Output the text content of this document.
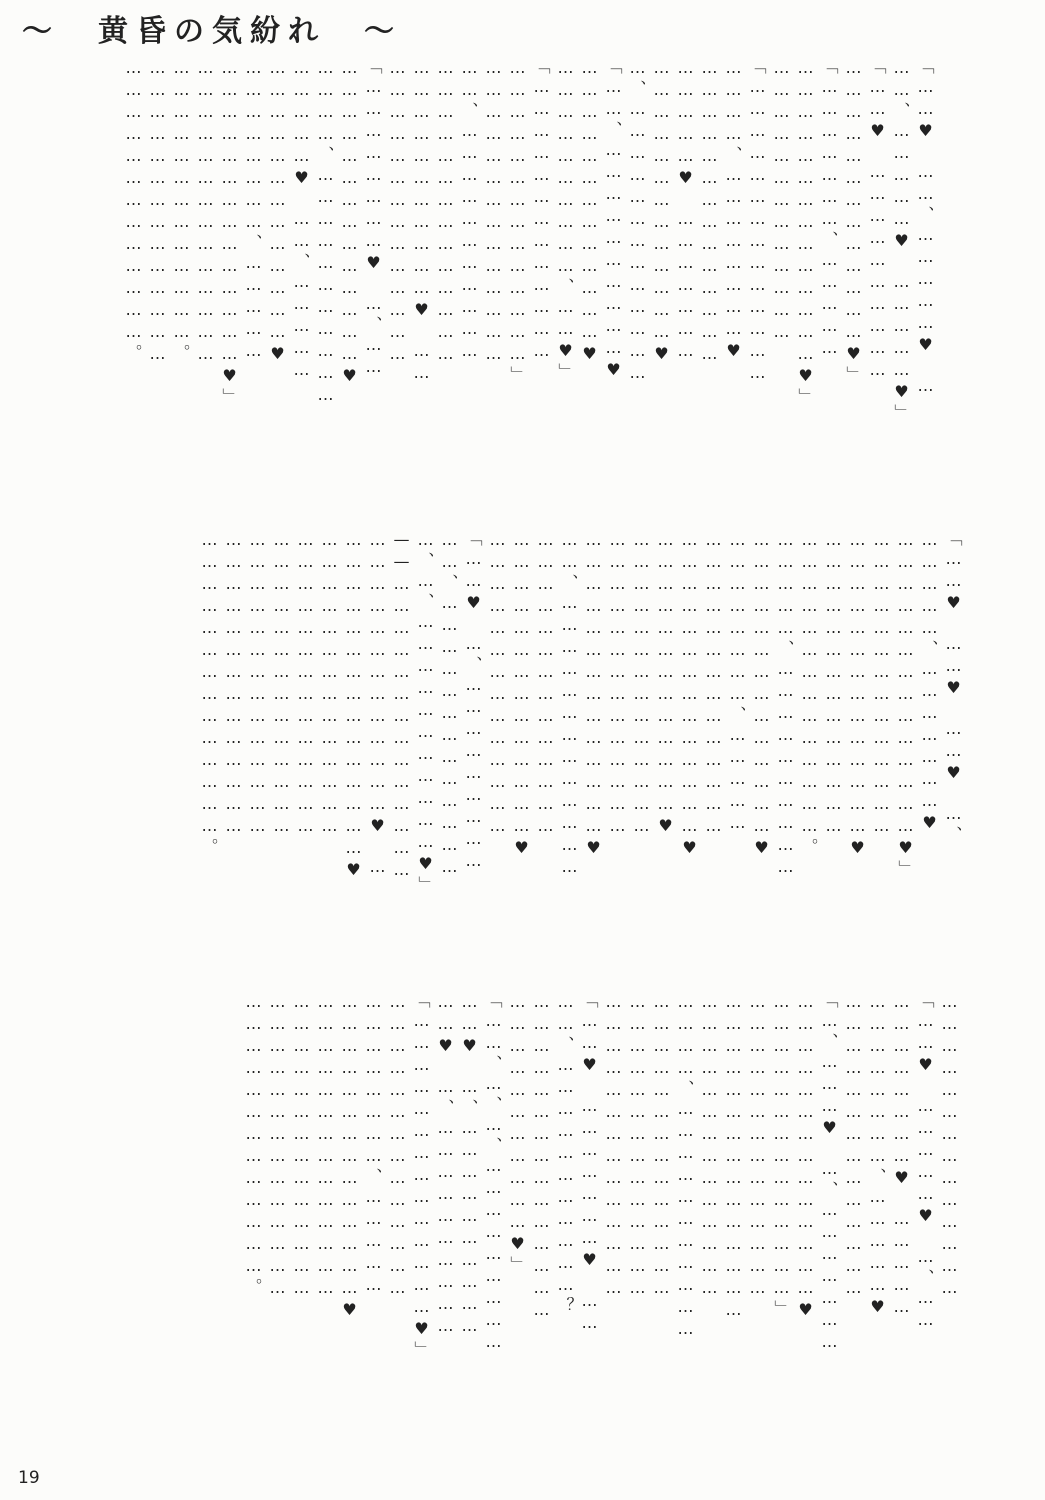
〜　黄昏の気紛れ　〜
「……♥　……、……………♥　…
……、……………♥　……………♥」
「……♥　…………………………
…………………………………♥」
「…………………、……………
……………………………………♥」
…………………………………
「……………………………………
…………、……………………♥
……………………………………
……………♥　…………………
…………………………………♥
…、…………………………………
「……、…………………………♥
…………………………………♥
…………………………、……♥」
「…………………………………
……………………………………」
……………………………………
……、……………………………
……………………………………
……………………………♥　……
……………………………………
「……………………♥　…、……
……………………………………♥
…………、……………………………
……………♥　……、……………
…………………………………♥
……………………、……………
……………………………………♥」
……………………………………
…………………………………。
……………………………………
…………………………………。
「……♥　……♥　……♥　…、
……………、…………………♥
……………………………………♥」
……………………………………
……………………………………♥
……………………………………
……………………………………。
……………、…………………………
……………………………………♥
……………………、……………
……………………………………
……………………………………♥
…………………………………♥
……………………………………
……………………………………
……………………………………♥
……、…………………………………
……………………………………
……………………………………♥
……………………………………
「……♥　…、………………………
……、…………………………………
…、…、……………………………♥」
——……………………………………
…………………………………♥　…
………………………………………♥
……………………………………
……………………………………
……………………………………
……………………………………
……………………………………
……………………………………。
……………………………………
「……♥　……………♥　…、……
……………………♥　……………
……………………、……………♥
……………………………………
「…、………♥　…、…………………
……………………………………♥
……………………………………」
……………………………………
………………………………………
……………………………………
…………、……………………………
……………………………………
……………………………………
……………………………………
「……♥　…………………♥　……
……、……………………………？
………………………………………
……………………………♥」
「……、…、…、………………………
……♥　…、…………………………
……♥　…、…………………………
「……………………………………♥」
……………………………………
……………………、……………
……………………………………♥
……………………………………
……………………………………
……………………………………
…………………………………。
19
